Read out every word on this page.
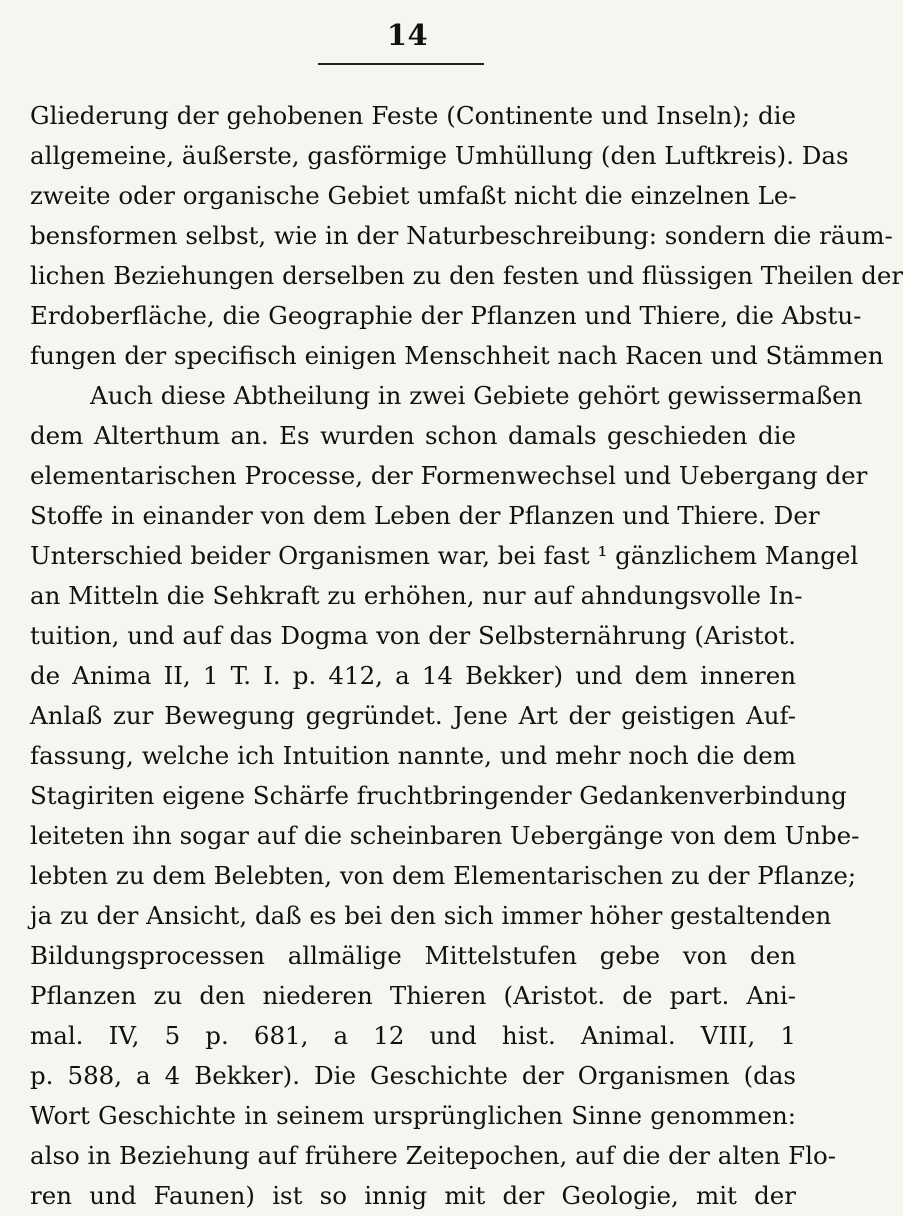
14
Gliederung der gehobenen Feste (Continente und Inseln); die
allgemeine, äußerste, gasförmige Umhüllung (den Luftkreis). Das
zweite oder organische Gebiet umfaßt nicht die einzelnen Le-
bensformen selbst, wie in der Naturbeschreibung: sondern die räum-
lichen Beziehungen derselben zu den festen und flüssigen Theilen der
Erdoberfläche, die Geographie der Pflanzen und Thiere, die Abstu-
fungen der specifisch einigen Menschheit nach Racen und Stämmen
Auch diese Abtheilung in zwei Gebiete gehört gewissermaßen
dem Alterthum an. Es wurden schon damals geschieden die
elementarischen Processe, der Formenwechsel und Uebergang der
Stoffe in einander von dem Leben der Pflanzen und Thiere. Der
Unterschied beider Organismen war, bei fast ¹ gänzlichem Mangel
an Mitteln die Sehkraft zu erhöhen, nur auf ahndungsvolle In-
tuition, und auf das Dogma von der Selbsternährung (Aristot.
de Anima II, 1 T. I. p. 412, a 14 Bekker) und dem inneren
Anlaß zur Bewegung gegründet. Jene Art der geistigen Auf-
fassung, welche ich Intuition nannte, und mehr noch die dem
Stagiriten eigene Schärfe fruchtbringender Gedankenverbindung
leiteten ihn sogar auf die scheinbaren Uebergänge von dem Unbe-
lebten zu dem Belebten, von dem Elementarischen zu der Pflanze;
ja zu der Ansicht, daß es bei den sich immer höher gestaltenden
Bildungsprocessen allmälige Mittelstufen gebe von den
Pflanzen zu den niederen Thieren (Aristot. de part. Ani-
mal. IV, 5 p. 681, a 12 und hist. Animal. VIII, 1
p. 588, a 4 Bekker). Die Geschichte der Organismen (das
Wort Geschichte in seinem ursprünglichen Sinne genommen:
also in Beziehung auf frühere Zeitepochen, auf die der alten Flo-
ren und Faunen) ist so innig mit der Geologie, mit der
